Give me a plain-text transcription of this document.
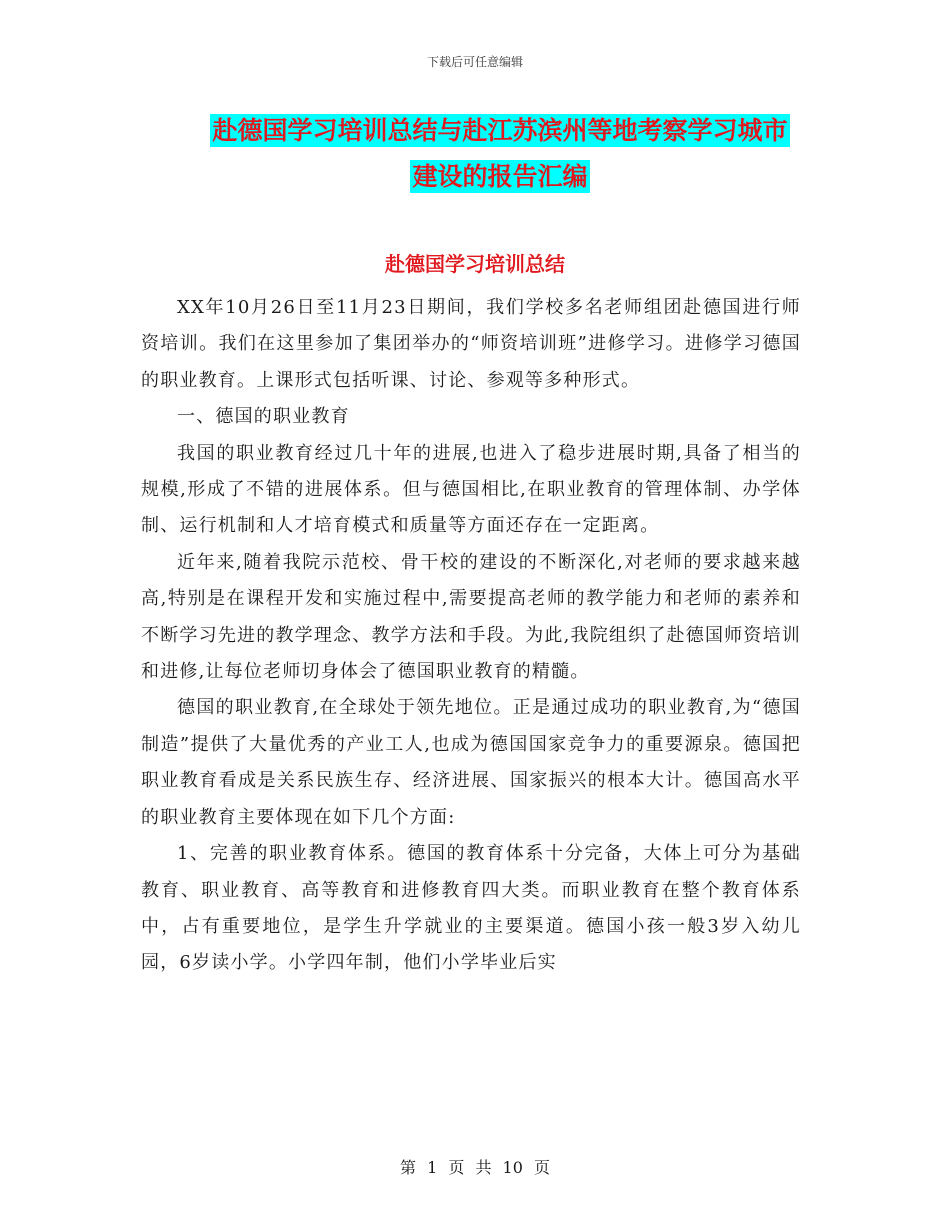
下载后可任意编辑
赴德国学习培训总结与赴江苏滨州等地考察学习城市
建设的报告汇编
赴德国学习培训总结

XX年10月26日至11月23日期间，我们学校多名老师组团赴德国进行师资培训。我们在这里参加了集团举办的“师资培训班”进修学习。进修学习德国的职业教育。上课形式包括听课、讨论、参观等多种形式。

一、德国的职业教育

我国的职业教育经过几十年的进展,也进入了稳步进展时期,具备了相当的规模,形成了不错的进展体系。但与德国相比,在职业教育的管理体制、办学体制、运行机制和人才培育模式和质量等方面还存在一定距离。

近年来,随着我院示范校、骨干校的建设的不断深化,对老师的要求越来越高,特别是在课程开发和实施过程中,需要提高老师的教学能力和老师的素养和不断学习先进的教学理念、教学方法和手段。为此,我院组织了赴德国师资培训和进修,让每位老师切身体会了德国职业教育的精髓。

德国的职业教育,在全球处于领先地位。正是通过成功的职业教育,为“德国制造”提供了大量优秀的产业工人,也成为德国国家竞争力的重要源泉。德国把职业教育看成是关系民族生存、经济进展、国家振兴的根本大计。德国高水平的职业教育主要体现在如下几个方面:

1、完善的职业教育体系。德国的教育体系十分完备，大体上可分为基础教育、职业教育、高等教育和进修教育四大类。而职业教育在整个教育体系中，占有重要地位，是学生升学就业的主要渠道。德国小孩一般3岁入幼儿园，6岁读小学。小学四年制，他们小学毕业后实

第 1 页 共 10 页
